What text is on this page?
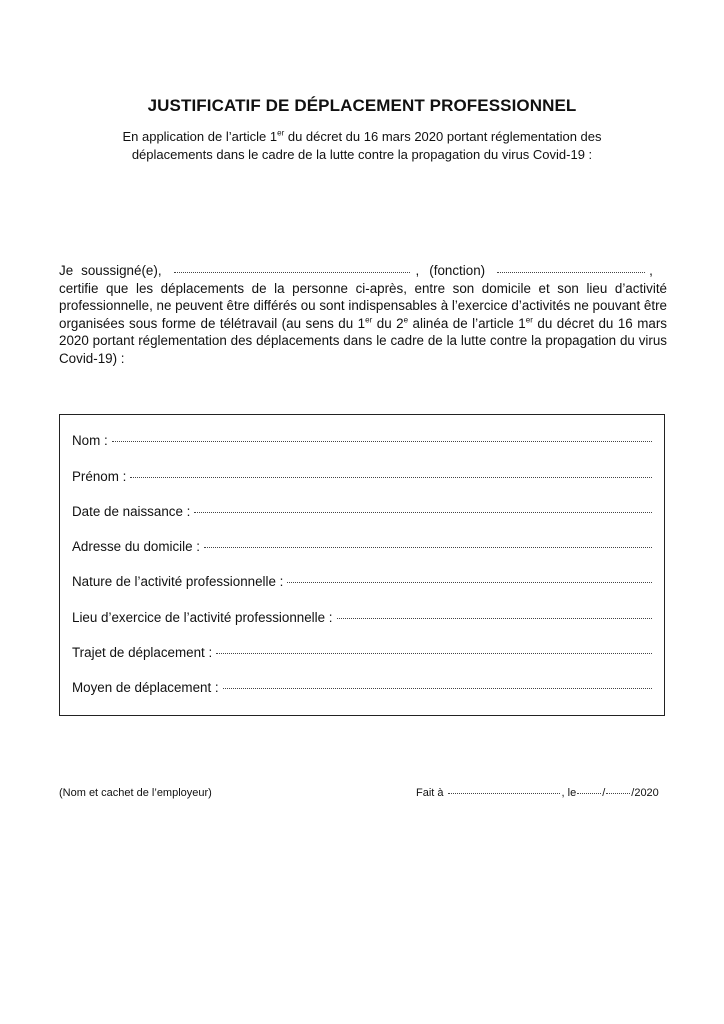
JUSTIFICATIF DE DÉPLACEMENT PROFESSIONNEL
En application de l’article 1er du décret du 16 mars 2020 portant réglementation des déplacements dans le cadre de la lutte contre la propagation du virus Covid-19 :
Je soussigné(e),	, (fonction)	,
certifie que les déplacements de la personne ci-après, entre son domicile et son lieu d’activité professionnelle, ne peuvent être différés ou sont indispensables à l’exercice d’activités ne pouvant être organisées sous forme de télétravail (au sens du 1er du 2e alinéa de l’article 1er du décret du 16 mars 2020 portant réglementation des déplacements dans le cadre de la lutte contre la propagation du virus Covid-19) :
Nom :
Prénom :
Date de naissance :
Adresse du domicile :
Nature de l’activité professionnelle :
Lieu d’exercice de l’activité professionnelle :
Trajet de déplacement :
Moyen de déplacement :
(Nom et cachet de l’employeur)	Fait à	, le / /2020
